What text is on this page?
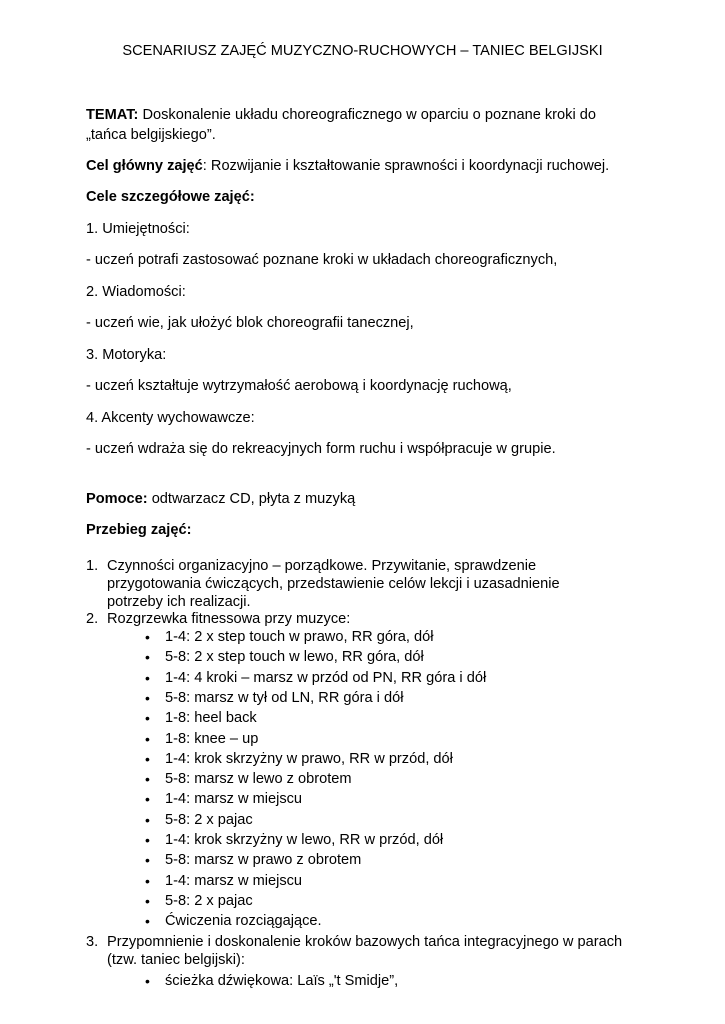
SCENARIUSZ ZAJĘĆ MUZYCZNO-RUCHOWYCH – TANIEC BELGIJSKI
TEMAT: Doskonalenie układu choreograficznego w oparciu o poznane kroki do
„tańca belgijskiego”.
Cel główny zajęć: Rozwijanie i kształtowanie sprawności i koordynacji ruchowej.
Cele szczegółowe zajęć:
1. Umiejętności:
- uczeń potrafi zastosować poznane kroki w układach choreograficznych,
2. Wiadomości:
- uczeń wie, jak ułożyć blok choreografii tanecznej,
3. Motoryka:
- uczeń kształtuje wytrzymałość aerobową i koordynację ruchową,
4. Akcenty wychowawcze:
- uczeń wdraża się do rekreacyjnych form ruchu i współpracuje w grupie.
Pomoce: odtwarzacz CD, płyta z muzyką
Przebieg zajęć:
1. Czynności organizacyjno – porządkowe. Przywitanie, sprawdzenie
przygotowania ćwiczących, przedstawienie celów lekcji i uzasadnienie
potrzeby ich realizacji.
2. Rozgrzewka fitnessowa przy muzyce:
• 1-4: 2 x step touch w prawo, RR góra, dół
• 5-8: 2 x step touch w lewo, RR góra, dół
• 1-4: 4 kroki – marsz w przód od PN, RR góra i dół
• 5-8: marsz w tył od LN, RR góra i dół
• 1-8: heel back
• 1-8: knee – up
• 1-4: krok skrzyżny w prawo, RR w przód, dół
• 5-8: marsz w lewo z obrotem
• 1-4: marsz w miejscu
• 5-8: 2 x pajac
• 1-4: krok skrzyżny w lewo, RR w przód, dół
• 5-8: marsz w prawo z obrotem
• 1-4: marsz w miejscu
• 5-8: 2 x pajac
• Ćwiczenia rozciągające.
3. Przypomnienie i doskonalenie kroków bazowych tańca integracyjnego w parach
(tzw. taniec belgijski):
• ścieżka dźwiękowa: Laïs „'t Smidje”,
